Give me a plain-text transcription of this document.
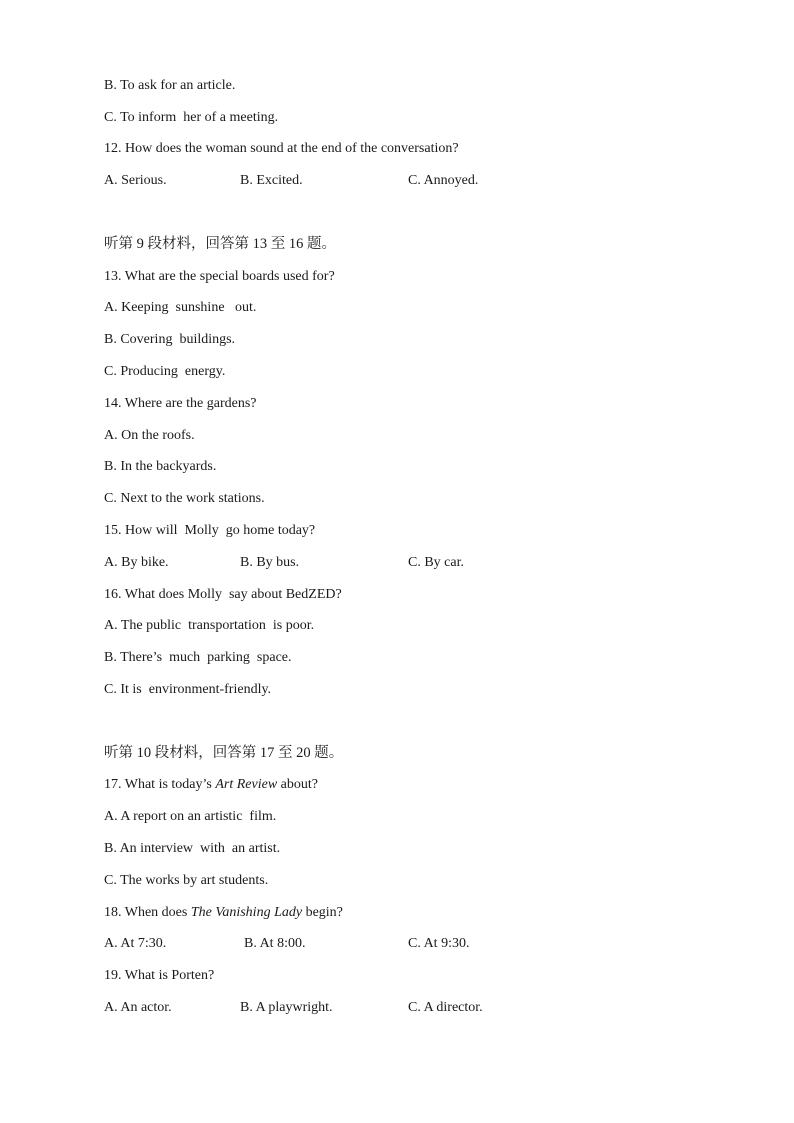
B. To ask for an article.
C. To inform  her of a meeting.
12. How does the woman sound at the end of the conversation?
A. Serious.	B. Excited.	C. Annoyed.
听第 9 段材料，回答第 13 至 16 题。
13. What are the special boards used for?
A. Keeping  sunshine   out.
B. Covering  buildings.
C. Producing  energy.
14. Where are the gardens?
A. On the roofs.
B. In the backyards.
C. Next to the work stations.
15. How will  Molly  go home today?
A. By bike.	B. By bus.	C. By car.
16. What does Molly  say about BedZED?
A. The public  transportation  is poor.
B. There’s  much  parking  space.
C. It is  environment-friendly.
听第 10 段材料，回答第 17 至 20 题。
17. What is today’s Art Review about?
A. A report on an artistic  film.
B. An interview  with  an artist.
C. The works by art students.
18. When does The Vanishing Lady begin?
A. At 7:30.	B. At 8:00.	C. At 9:30.
19. What is Porten?
A. An actor.	B. A playwright.	C. A director.
